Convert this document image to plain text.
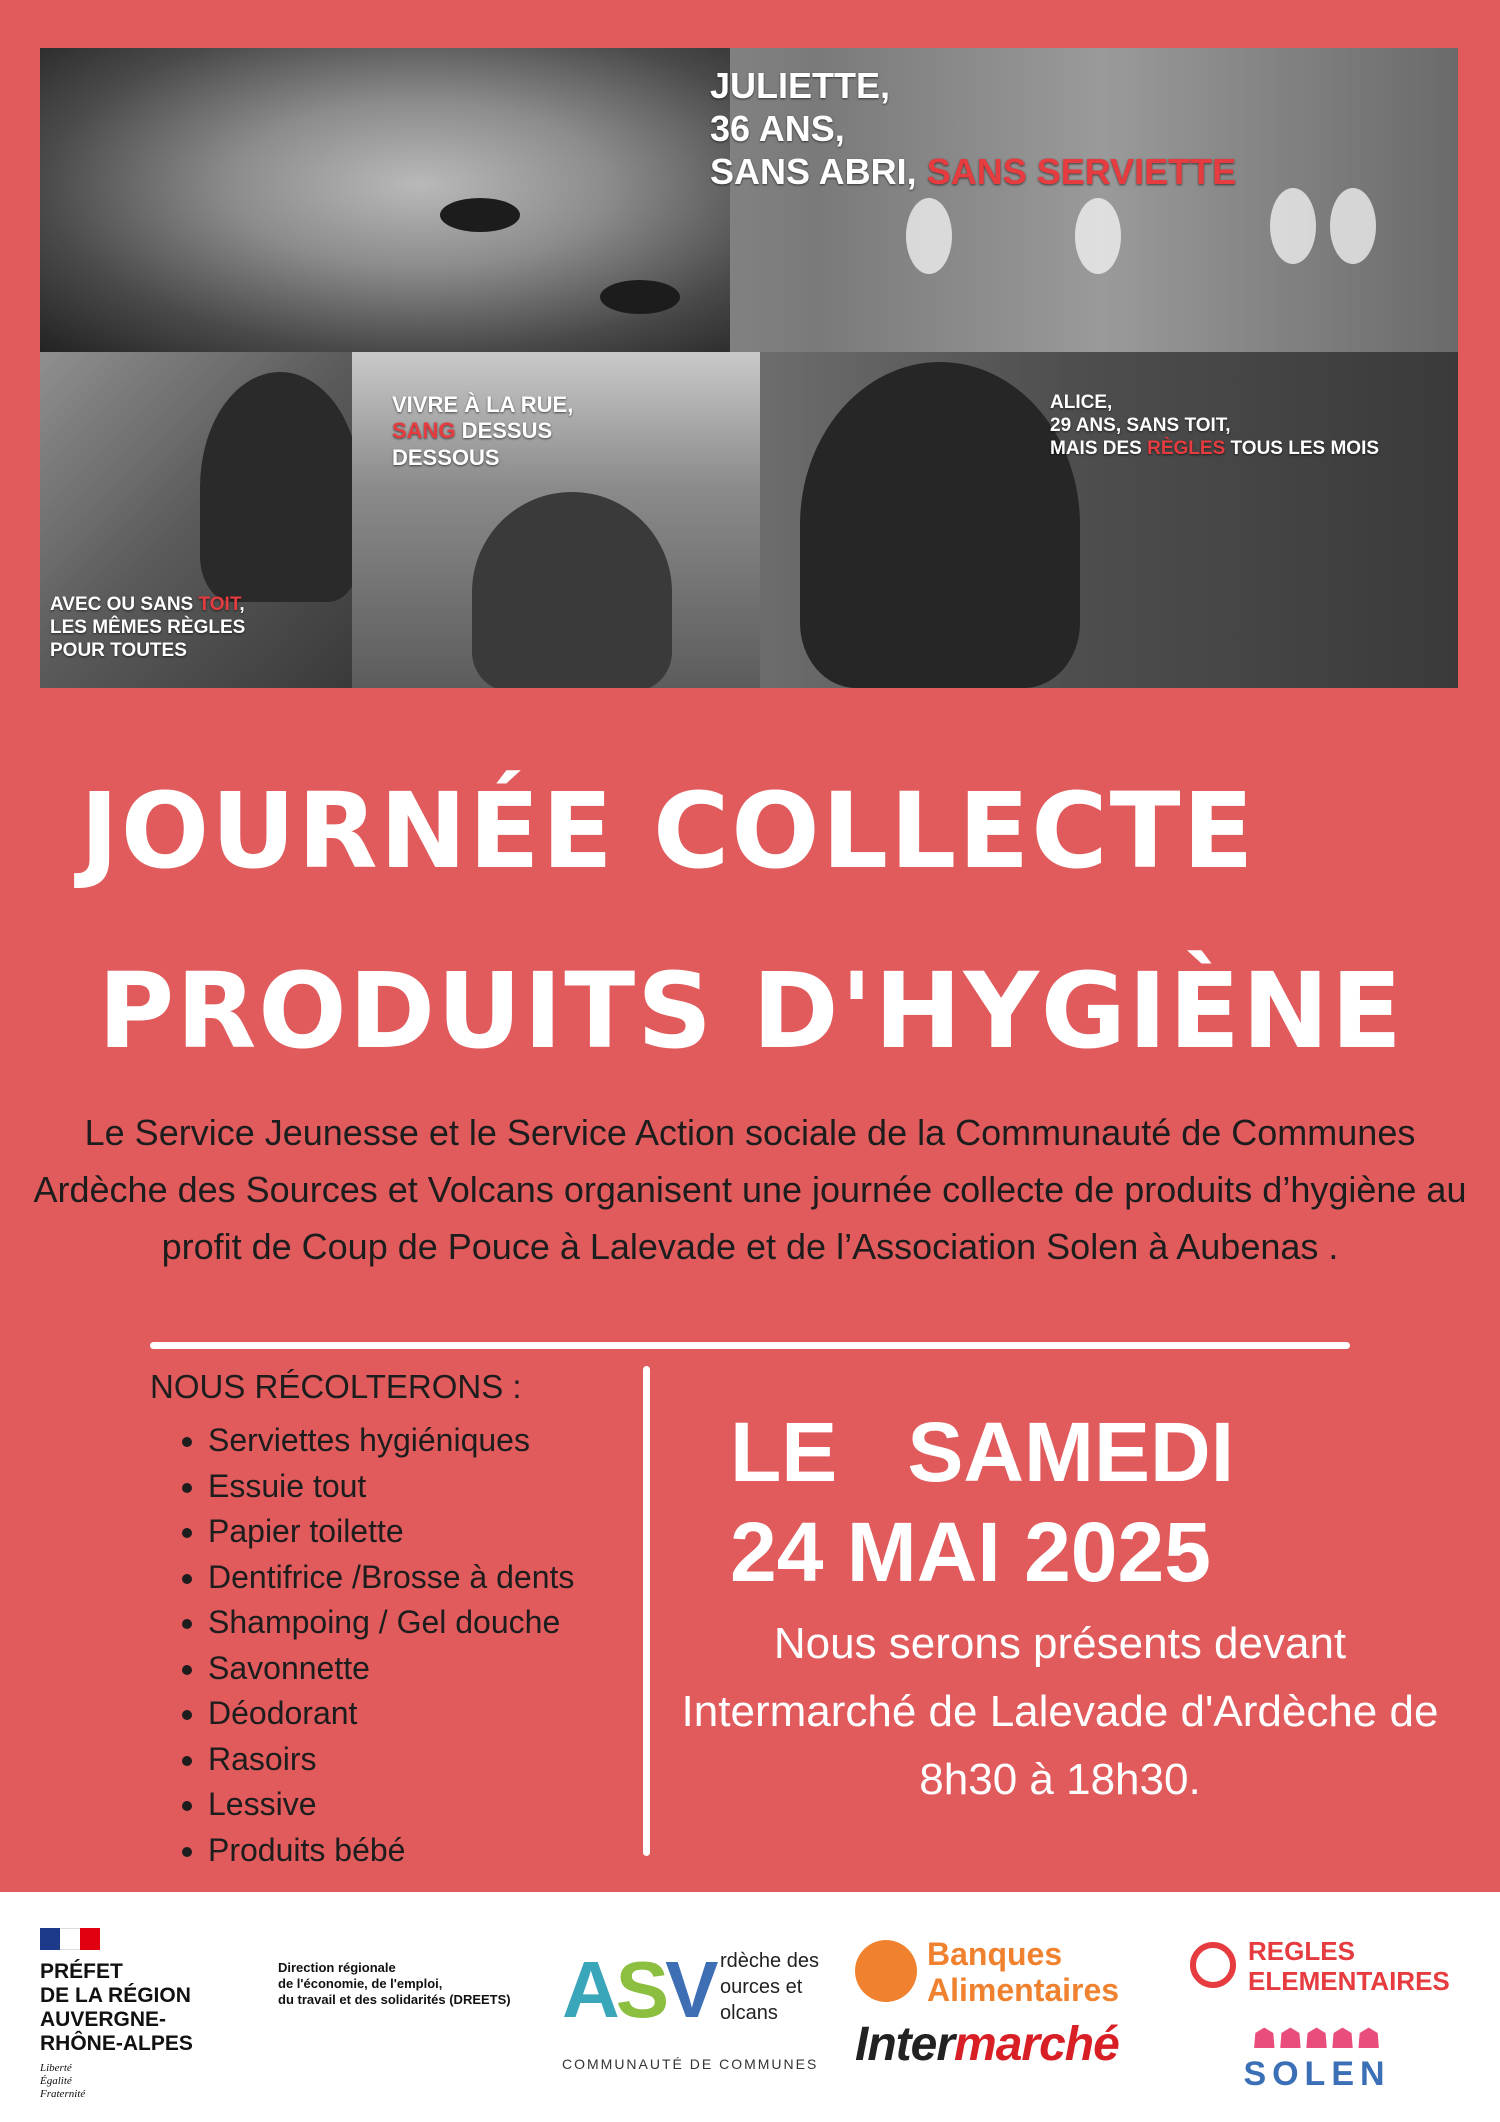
JULIETTE,
36 ANS,
SANS ABRI, SANS SERVIETTE
AVEC OU SANS TOIT,
LES MÊMES RÈGLES
POUR TOUTES
VIVRE À LA RUE,
SANG DESSUS
DESSOUS
ALICE,
29 ANS, SANS TOIT,
MAIS DES RÈGLES TOUS LES MOIS
JOURNÉE COLLECTE
PRODUITS D'HYGIÈNE
Le Service Jeunesse et le Service Action sociale de la Communauté de Communes Ardèche des Sources et Volcans organisent une journée collecte de produits d’hygiène au profit de Coup de Pouce à Lalevade et de l’Association Solen à Aubenas .
NOUS RÉCOLTERONS :
• Serviettes hygiéniques
• Essuie tout
• Papier toilette
• Dentifrice /Brosse à dents
• Shampoing / Gel douche
• Savonnette
• Déodorant
• Rasoirs
• Lessive
• Produits bébé
LE   SAMEDI
24 MAI 2025
Nous serons présents devant Intermarché de Lalevade d'Ardèche de 8h30 à 18h30.
PRÉFET
DE LA RÉGION
AUVERGNE-
RHÔNE-ALPES
Liberté
Égalité
Fraternité
Direction régionale
de l'économie, de l'emploi,
du travail et des solidarités (DREETS) ASV rdèche des
ources et
olcans
COMMUNAUTÉ DE COMMUNES
Banques
Alimentaires
Intermarché
REGLES
ELEMENTAIRES
☗☗☗☗☗
SOLEN
